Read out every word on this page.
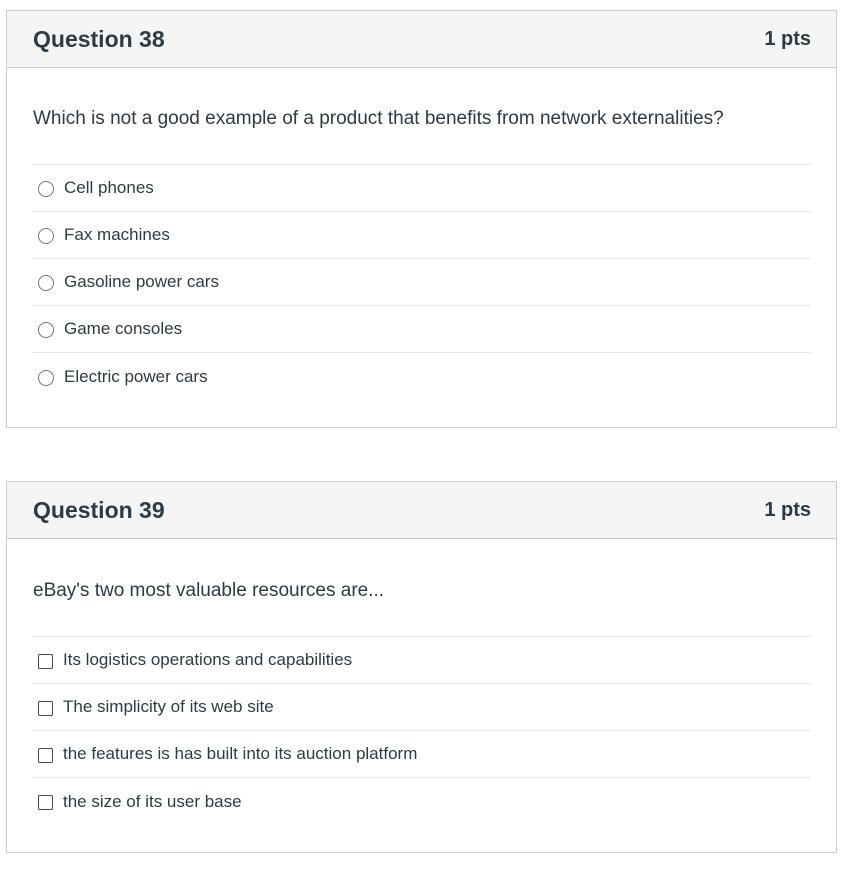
Question 38	1 pts
Which is not a good example of a product that benefits from network externalities?
Cell phones
Fax machines
Gasoline power cars
Game consoles
Electric power cars
Question 39	1 pts
eBay's two most valuable resources are...
Its logistics operations and capabilities
The simplicity of its web site
the features is has built into its auction platform
the size of its user base
